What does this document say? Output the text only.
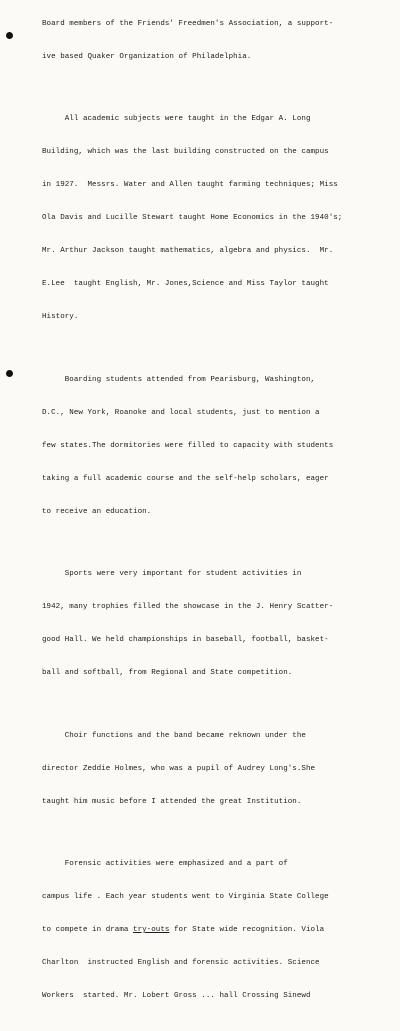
Board members of the Friends' Freedmen's Association, a support-

ive based Quaker Organization of Philadelphia.

All academic subjects were taught in the Edgar A. Long

Building, which was the last building constructed on the campus

in 1927.  Messrs. Water and Allen taught farming techniques; Miss

Ola Davis and Lucille Stewart taught Home Economics in the 1940's;

Mr. Arthur Jackson taught mathematics, algebra and physics.  Mr.

E.Lee  taught English, Mr. Jones,Science and Miss Taylor taught

History.

Boarding students attended from Pearisburg, Washington,

D.C., New York, Roanoke and local students, just to mention a

few states.The dormitories were filled to capacity with students

taking a full academic course and the self-help scholars, eager

to receive an education.

Sports were very important for student activities in

1942, many trophies filled the showcase in the J. Henry Scatter-

good Hall. We held championships in baseball, football, basket-

ball and softball, from Regional and State competition.

Choir functions and the band became reknown under the

director Zeddie Holmes, who was a pupil of Audrey Long's.She

taught him music before I attended the great Institution.

Forensic activities were emphasized and a part of

campus life . Each year students went to Virginia State College

to compete in drama try-outs for State wide recognition. Viola

Charlton  instructed English and forensic activities. Science

Workers  started. Mr. Lobert Gross ... hall Crossing Sinewd
